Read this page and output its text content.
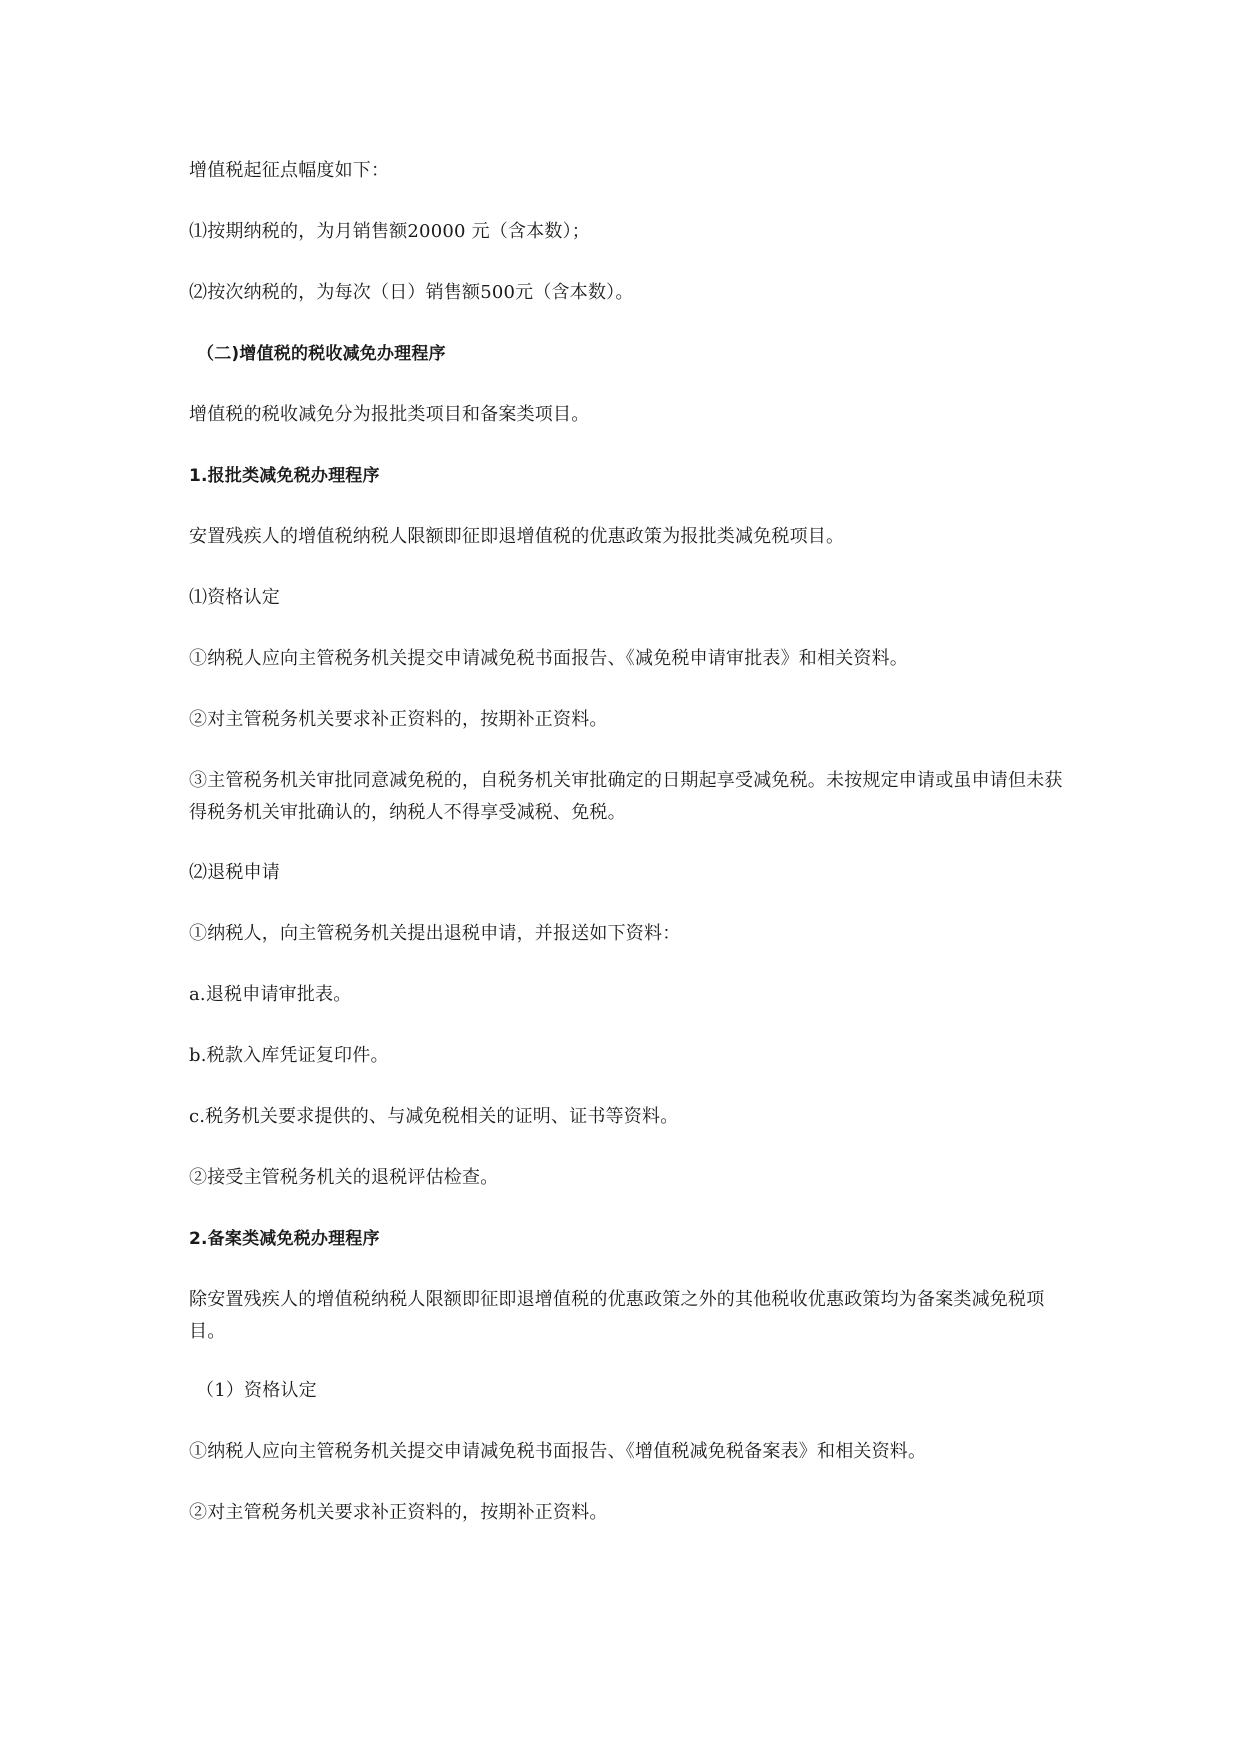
增值税起征点幅度如下：
⑴按期纳税的，为月销售额20000 元（含本数）；
⑵按次纳税的，为每次（日）销售额500元（含本数）。
（二)增值税的税收减免办理程序
增值税的税收减免分为报批类项目和备案类项目。
1.报批类减免税办理程序
安置残疾人的增值税纳税人限额即征即退增值税的优惠政策为报批类减免税项目。
⑴资格认定
①纳税人应向主管税务机关提交申请减免税书面报告、《减免税申请审批表》和相关资料。
②对主管税务机关要求补正资料的，按期补正资料。
③主管税务机关审批同意减免税的，自税务机关审批确定的日期起享受减免税。未按规定申请或虽申请但未获得税务机关审批确认的，纳税人不得享受减税、免税。
⑵退税申请
①纳税人，向主管税务机关提出退税申请，并报送如下资料：
a.退税申请审批表。
b.税款入库凭证复印件。
c.税务机关要求提供的、与减免税相关的证明、证书等资料。
②接受主管税务机关的退税评估检查。
2.备案类减免税办理程序
除安置残疾人的增值税纳税人限额即征即退增值税的优惠政策之外的其他税收优惠政策均为备案类减免税项目。
（1）资格认定
①纳税人应向主管税务机关提交申请减免税书面报告、《增值税减免税备案表》和相关资料。
②对主管税务机关要求补正资料的，按期补正资料。
